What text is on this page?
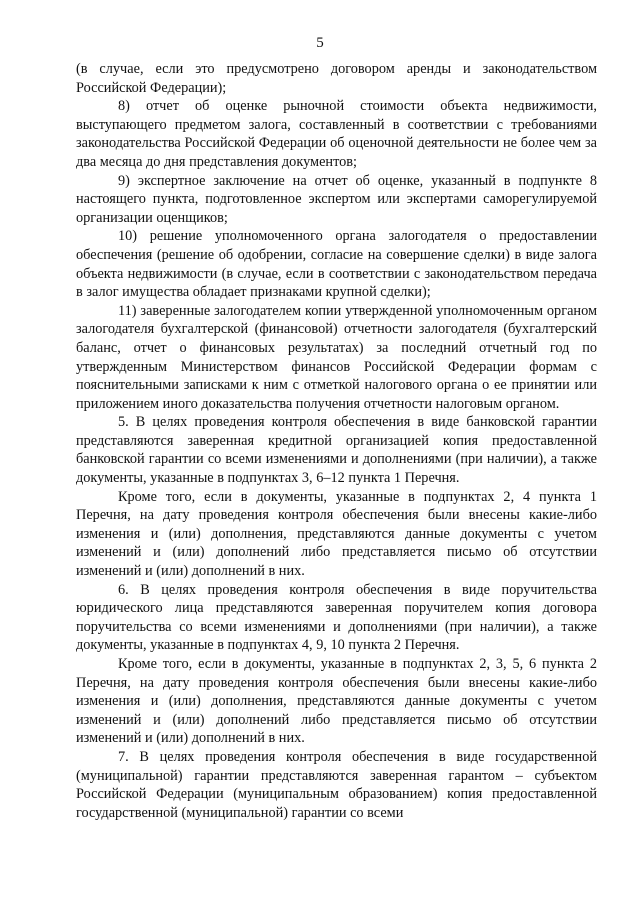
5

(в случае, если это предусмотрено договором аренды и законодательством Российской Федерации);

8) отчет об оценке рыночной стоимости объекта недвижимости, выступающего предметом залога, составленный в соответствии с требованиями законодательства Российской Федерации об оценочной деятельности не более чем за два месяца до дня представления документов;

9) экспертное заключение на отчет об оценке, указанный в подпункте 8 настоящего пункта, подготовленное экспертом или экспертами саморегулируемой организации оценщиков;

10) решение уполномоченного органа залогодателя о предоставлении обеспечения (решение об одобрении, согласие на совершение сделки) в виде залога объекта недвижимости (в случае, если в соответствии с законодательством передача в залог имущества обладает признаками крупной сделки);

11) заверенные залогодателем копии утвержденной уполномоченным органом залогодателя бухгалтерской (финансовой) отчетности залогодателя (бухгалтерский баланс, отчет о финансовых результатах) за последний отчетный год по утвержденным Министерством финансов Российской Федерации формам с пояснительными записками к ним с отметкой налогового органа о ее принятии или приложением иного доказательства получения отчетности налоговым органом.

5. В целях проведения контроля обеспечения в виде банковской гарантии представляются заверенная кредитной организацией копия предоставленной банковской гарантии со всеми изменениями и дополнениями (при наличии), а также документы, указанные в подпунктах 3, 6–12 пункта 1 Перечня.

Кроме того, если в документы, указанные в подпунктах 2, 4 пункта 1 Перечня, на дату проведения контроля обеспечения были внесены какие-либо изменения и (или) дополнения, представляются данные документы с учетом изменений и (или) дополнений либо представляется письмо об отсутствии изменений и (или) дополнений в них.

6. В целях проведения контроля обеспечения в виде поручительства юридического лица представляются заверенная поручителем копия договора поручительства со всеми изменениями и дополнениями (при наличии), а также документы, указанные в подпунктах 4, 9, 10 пункта 2 Перечня.

Кроме того, если в документы, указанные в подпунктах 2, 3, 5, 6 пункта 2 Перечня, на дату проведения контроля обеспечения были внесены какие-либо изменения и (или) дополнения, представляются данные документы с учетом изменений и (или) дополнений либо представляется письмо об отсутствии изменений и (или) дополнений в них.

7. В целях проведения контроля обеспечения в виде государственной (муниципальной) гарантии представляются заверенная гарантом – субъектом Российской Федерации (муниципальным образованием) копия предоставленной государственной (муниципальной) гарантии со всеми
